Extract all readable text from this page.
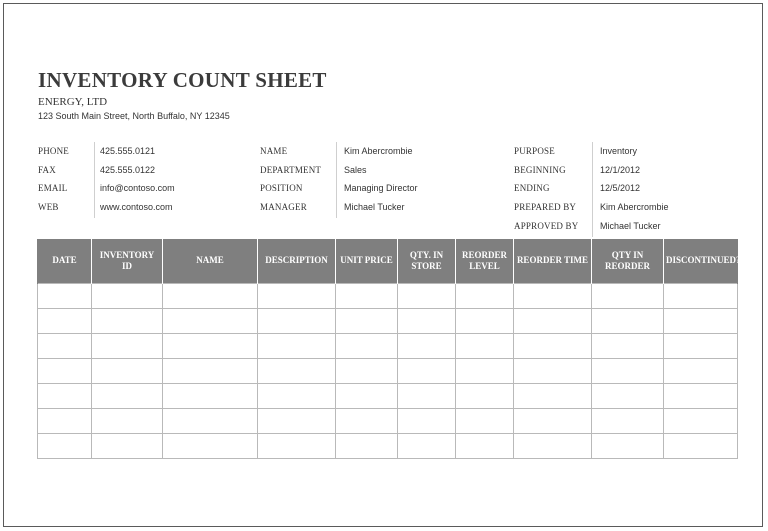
INVENTORY COUNT SHEET
ENERGY, LTD
123 South Main Street, North Buffalo, NY 12345
PHONE	425.555.0121
FAX	425.555.0122
EMAIL	info@contoso.com
WEB	www.contoso.com
NAME	Kim Abercrombie
DEPARTMENT	Sales
POSITION	Managing Director
MANAGER	Michael Tucker
PURPOSE	Inventory
BEGINNING	12/1/2012
ENDING	12/5/2012
PREPARED BY	Kim Abercrombie
APPROVED BY Michael Tucker
DATE	INVENTORY ID	NAME	DESCRIPTION	UNIT PRICE	QTY. IN STORE	REORDER LEVEL	REORDER TIME	QTY IN REORDER	DISCONTINUED?
